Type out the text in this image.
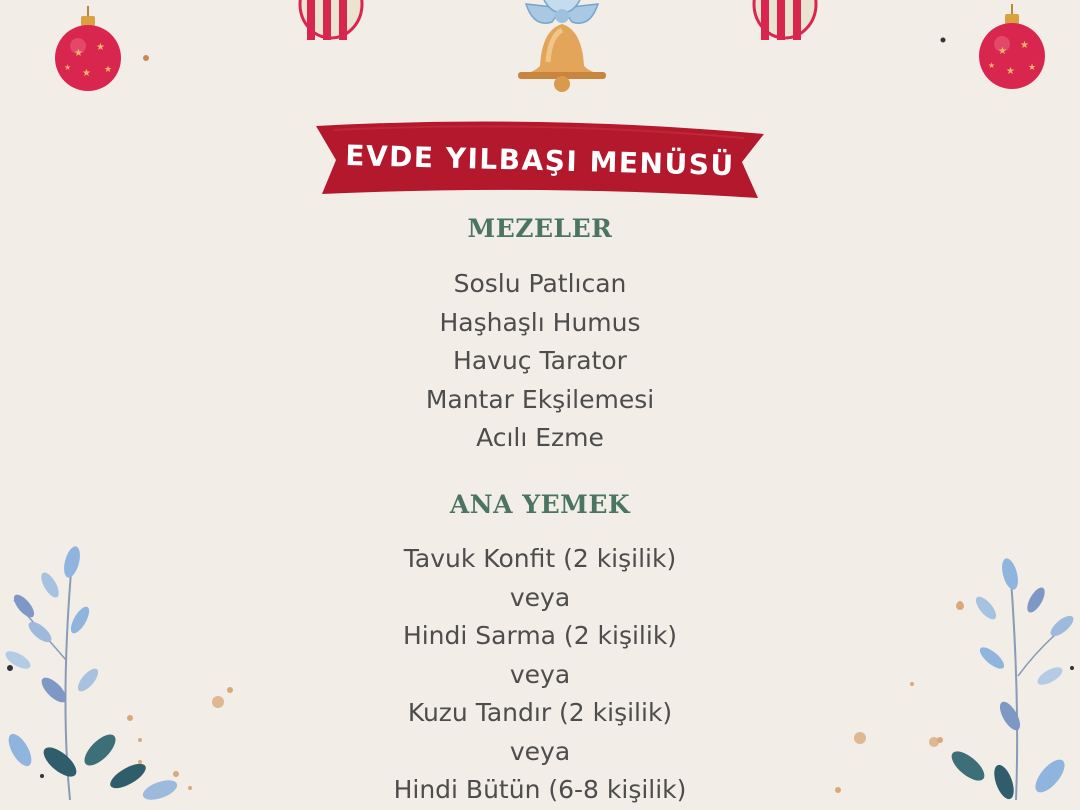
★
★
★ ★
★
★
★
★ ★
★
EVDE YILBAŞI MENÜSÜ
MEZELER
Soslu Patlıcan
Haşhaşlı Humus
Havuç Tarator
Mantar Ekşilemesi
Acılı Ezme
ANA YEMEK
Tavuk Konfit (2 kişilik)
veya
Hindi Sarma (2 kişilik)
veya
Kuzu Tandır (2 kişilik)
veya
Hindi Bütün (6-8 kişilik)
